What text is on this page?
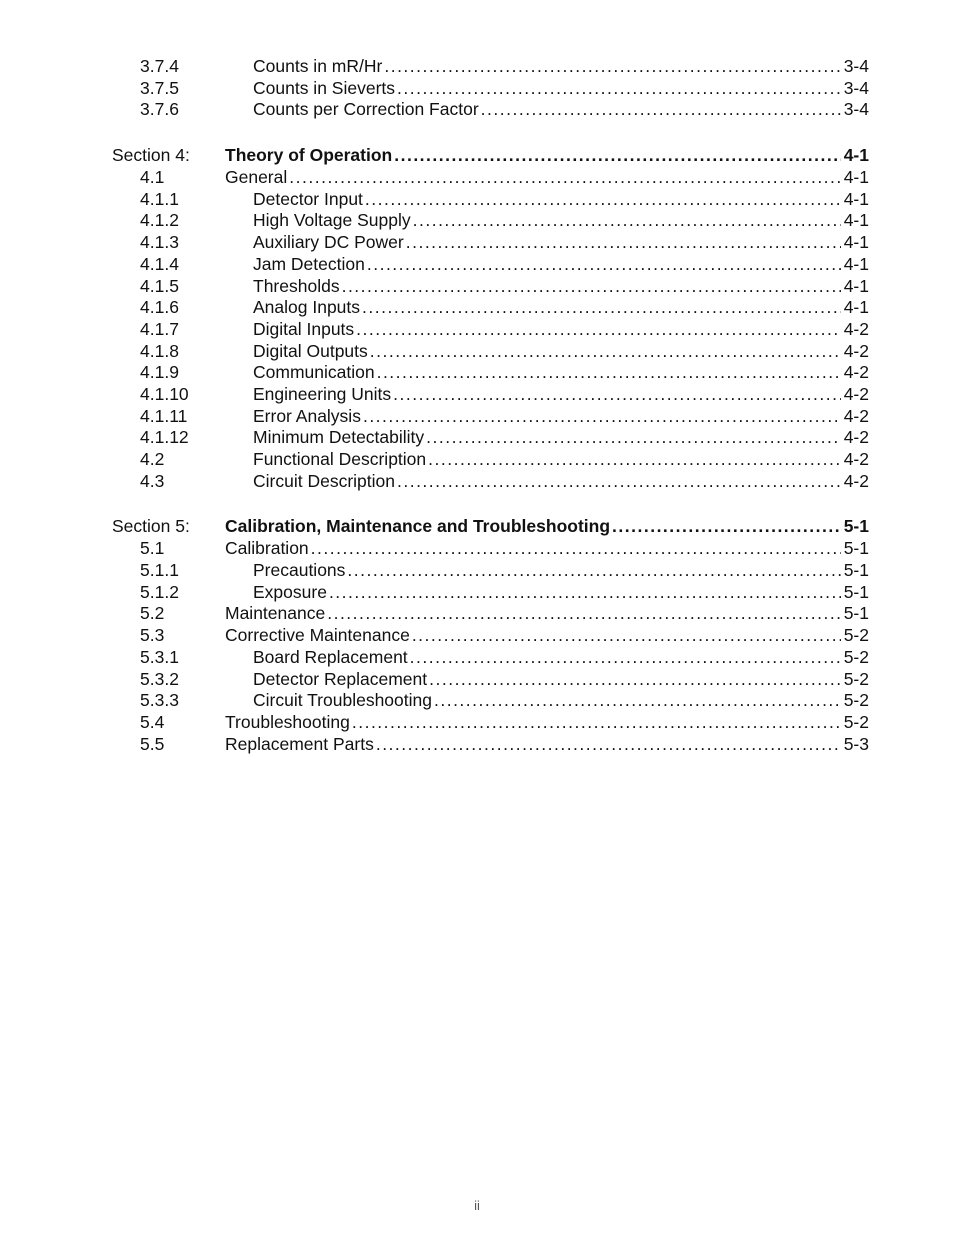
3.7.4	Counts in mR/Hr .....	3-4
3.7.5	Counts in Sieverts .....	3-4
3.7.6	Counts per Correction Factor .....	3-4
Section 4:	Theory of Operation .....	4-1
4.1	General .....	4-1
4.1.1	Detector Input .....	4-1
4.1.2	High Voltage Supply .....	4-1
4.1.3	Auxiliary DC Power .....	4-1
4.1.4	Jam Detection .....	4-1
4.1.5	Thresholds .....	4-1
4.1.6	Analog Inputs .....	4-1
4.1.7	Digital Inputs .....	4-2
4.1.8	Digital Outputs .....	4-2
4.1.9	Communication .....	4-2
4.1.10	Engineering Units .....	4-2
4.1.11	Error Analysis .....	4-2
4.1.12	Minimum Detectability .....	4-2
4.2	Functional Description .....	4-2
4.3	Circuit Description .....	4-2
Section 5:	Calibration, Maintenance and Troubleshooting .....	5-1
5.1	Calibration .....	5-1
5.1.1	Precautions .....	5-1
5.1.2	Exposure .....	5-1
5.2	Maintenance .....	5-1
5.3	Corrective Maintenance .....	5-2
5.3.1	Board Replacement .....	5-2
5.3.2	Detector Replacement .....	5-2
5.3.3	Circuit Troubleshooting .....	5-2
5.4	Troubleshooting .....	5-2
5.5	Replacement Parts .....	5-3
ii
